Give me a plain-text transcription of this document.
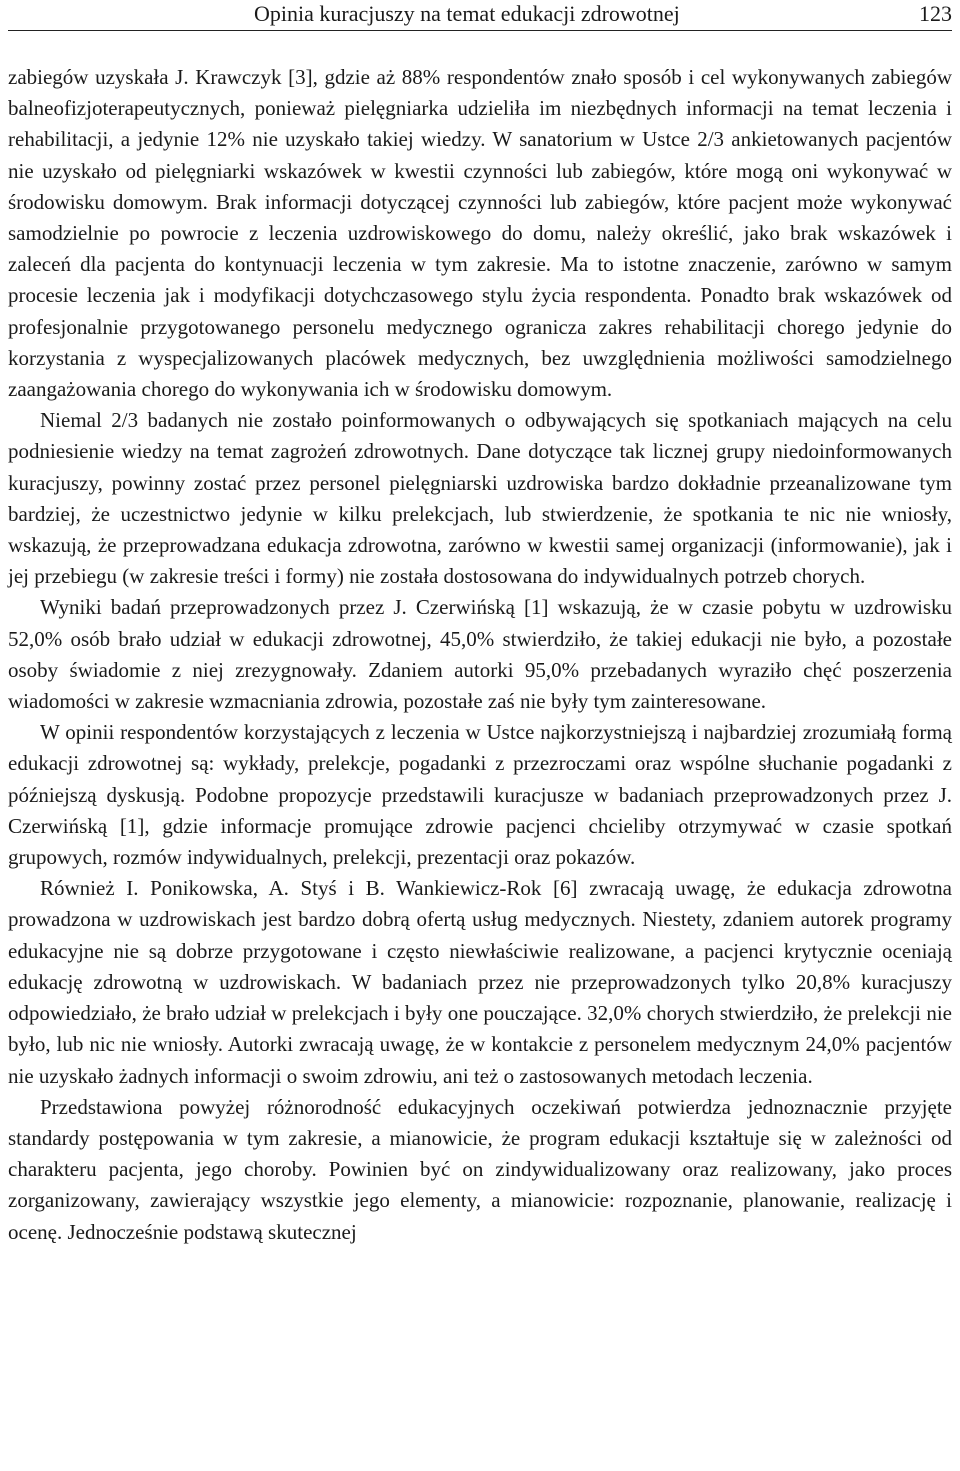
Opinia kuracjuszy na temat edukacji zdrowotnej	123

zabiegów uzyskała J. Krawczyk [3], gdzie aż 88% respondentów znało sposób i cel wykonywanych zabiegów balneofizjoterapeutycznych, ponieważ pielęgniarka udzieliła im niezbędnych informacji na temat leczenia i rehabilitacji, a jedynie 12% nie uzyskało takiej wiedzy. W sanatorium w Ustce 2/3 ankietowanych pacjentów nie uzyskało od pielęgniarki wskazówek w kwestii czynności lub zabiegów, które mogą oni wykonywać w środowisku domowym. Brak informacji dotyczącej czynności lub zabiegów, które pacjent może wykonywać samodzielnie po powrocie z leczenia uzdrowiskowego do domu, należy określić, jako brak wskazówek i zaleceń dla pacjenta do kontynuacji leczenia w tym zakresie. Ma to istotne znaczenie, zarówno w samym procesie leczenia jak i modyfikacji dotychczasowego stylu życia respondenta. Ponadto brak wskazówek od profesjonalnie przygotowanego personelu medycznego ogranicza zakres rehabilitacji chorego jedynie do korzystania z wyspecjalizowanych placówek medycznych, bez uwzględnienia możliwości samodzielnego zaangażowania chorego do wykonywania ich w środowisku domowym.

Niemal 2/3 badanych nie zostało poinformowanych o odbywających się spotkaniach mających na celu podniesienie wiedzy na temat zagrożeń zdrowotnych. Dane dotyczące tak licznej grupy niedoinformowanych kuracjuszy, powinny zostać przez personel pielęgniarski uzdrowiska bardzo dokładnie przeanalizowane tym bardziej, że uczestnictwo jedynie w kilku prelekcjach, lub stwierdzenie, że spotkania te nic nie wniosły, wskazują, że przeprowadzana edukacja zdrowotna, zarówno w kwestii samej organizacji (informowanie), jak i jej przebiegu (w zakresie treści i formy) nie została dostosowana do indywidualnych potrzeb chorych.

Wyniki badań przeprowadzonych przez J. Czerwińską [1] wskazują, że w czasie pobytu w uzdrowisku 52,0% osób brało udział w edukacji zdrowotnej, 45,0% stwierdziło, że takiej edukacji nie było, a pozostałe osoby świadomie z niej zrezygnowały. Zdaniem autorki 95,0% przebadanych wyraziło chęć poszerzenia wiadomości w zakresie wzmacniania zdrowia, pozostałe zaś nie były tym zainteresowane.

W opinii respondentów korzystających z leczenia w Ustce najkorzystniejszą i najbardziej zrozumiałą formą edukacji zdrowotnej są: wykłady, prelekcje, pogadanki z przezroczami oraz wspólne słuchanie pogadanki z późniejszą dyskusją. Podobne propozycje przedstawili kuracjusze w badaniach przeprowadzonych przez J. Czerwińską [1], gdzie informacje promujące zdrowie pacjenci chcieliby otrzymywać w czasie spotkań grupowych, rozmów indywidualnych, prelekcji, prezentacji oraz pokazów.

Również I. Ponikowska, A. Styś i B. Wankiewicz-Rok [6] zwracają uwagę, że edukacja zdrowotna prowadzona w uzdrowiskach jest bardzo dobrą ofertą usług medycznych. Niestety, zdaniem autorek programy edukacyjne nie są dobrze przygotowane i często niewłaściwie realizowane, a pacjenci krytycznie oceniają edukację zdrowotną w uzdrowiskach. W badaniach przez nie przeprowadzonych tylko 20,8% kuracjuszy odpowiedziało, że brało udział w prelekcjach i były one pouczające. 32,0% chorych stwierdziło, że prelekcji nie było, lub nic nie wniosły. Autorki zwracają uwagę, że w kontakcie z personelem medycznym 24,0% pacjentów nie uzyskało żadnych informacji o swoim zdrowiu, ani też o zastosowanych metodach leczenia.

Przedstawiona powyżej różnorodność edukacyjnych oczekiwań potwierdza jednoznacznie przyjęte standardy postępowania w tym zakresie, a mianowicie, że program edukacji kształtuje się w zależności od charakteru pacjenta, jego choroby. Powinien być on zindywidualizowany oraz realizowany, jako proces zorganizowany, zawierający wszystkie jego elementy, a mianowicie: rozpoznanie, planowanie, realizację i ocenę. Jednocześnie podstawą skutecznej
